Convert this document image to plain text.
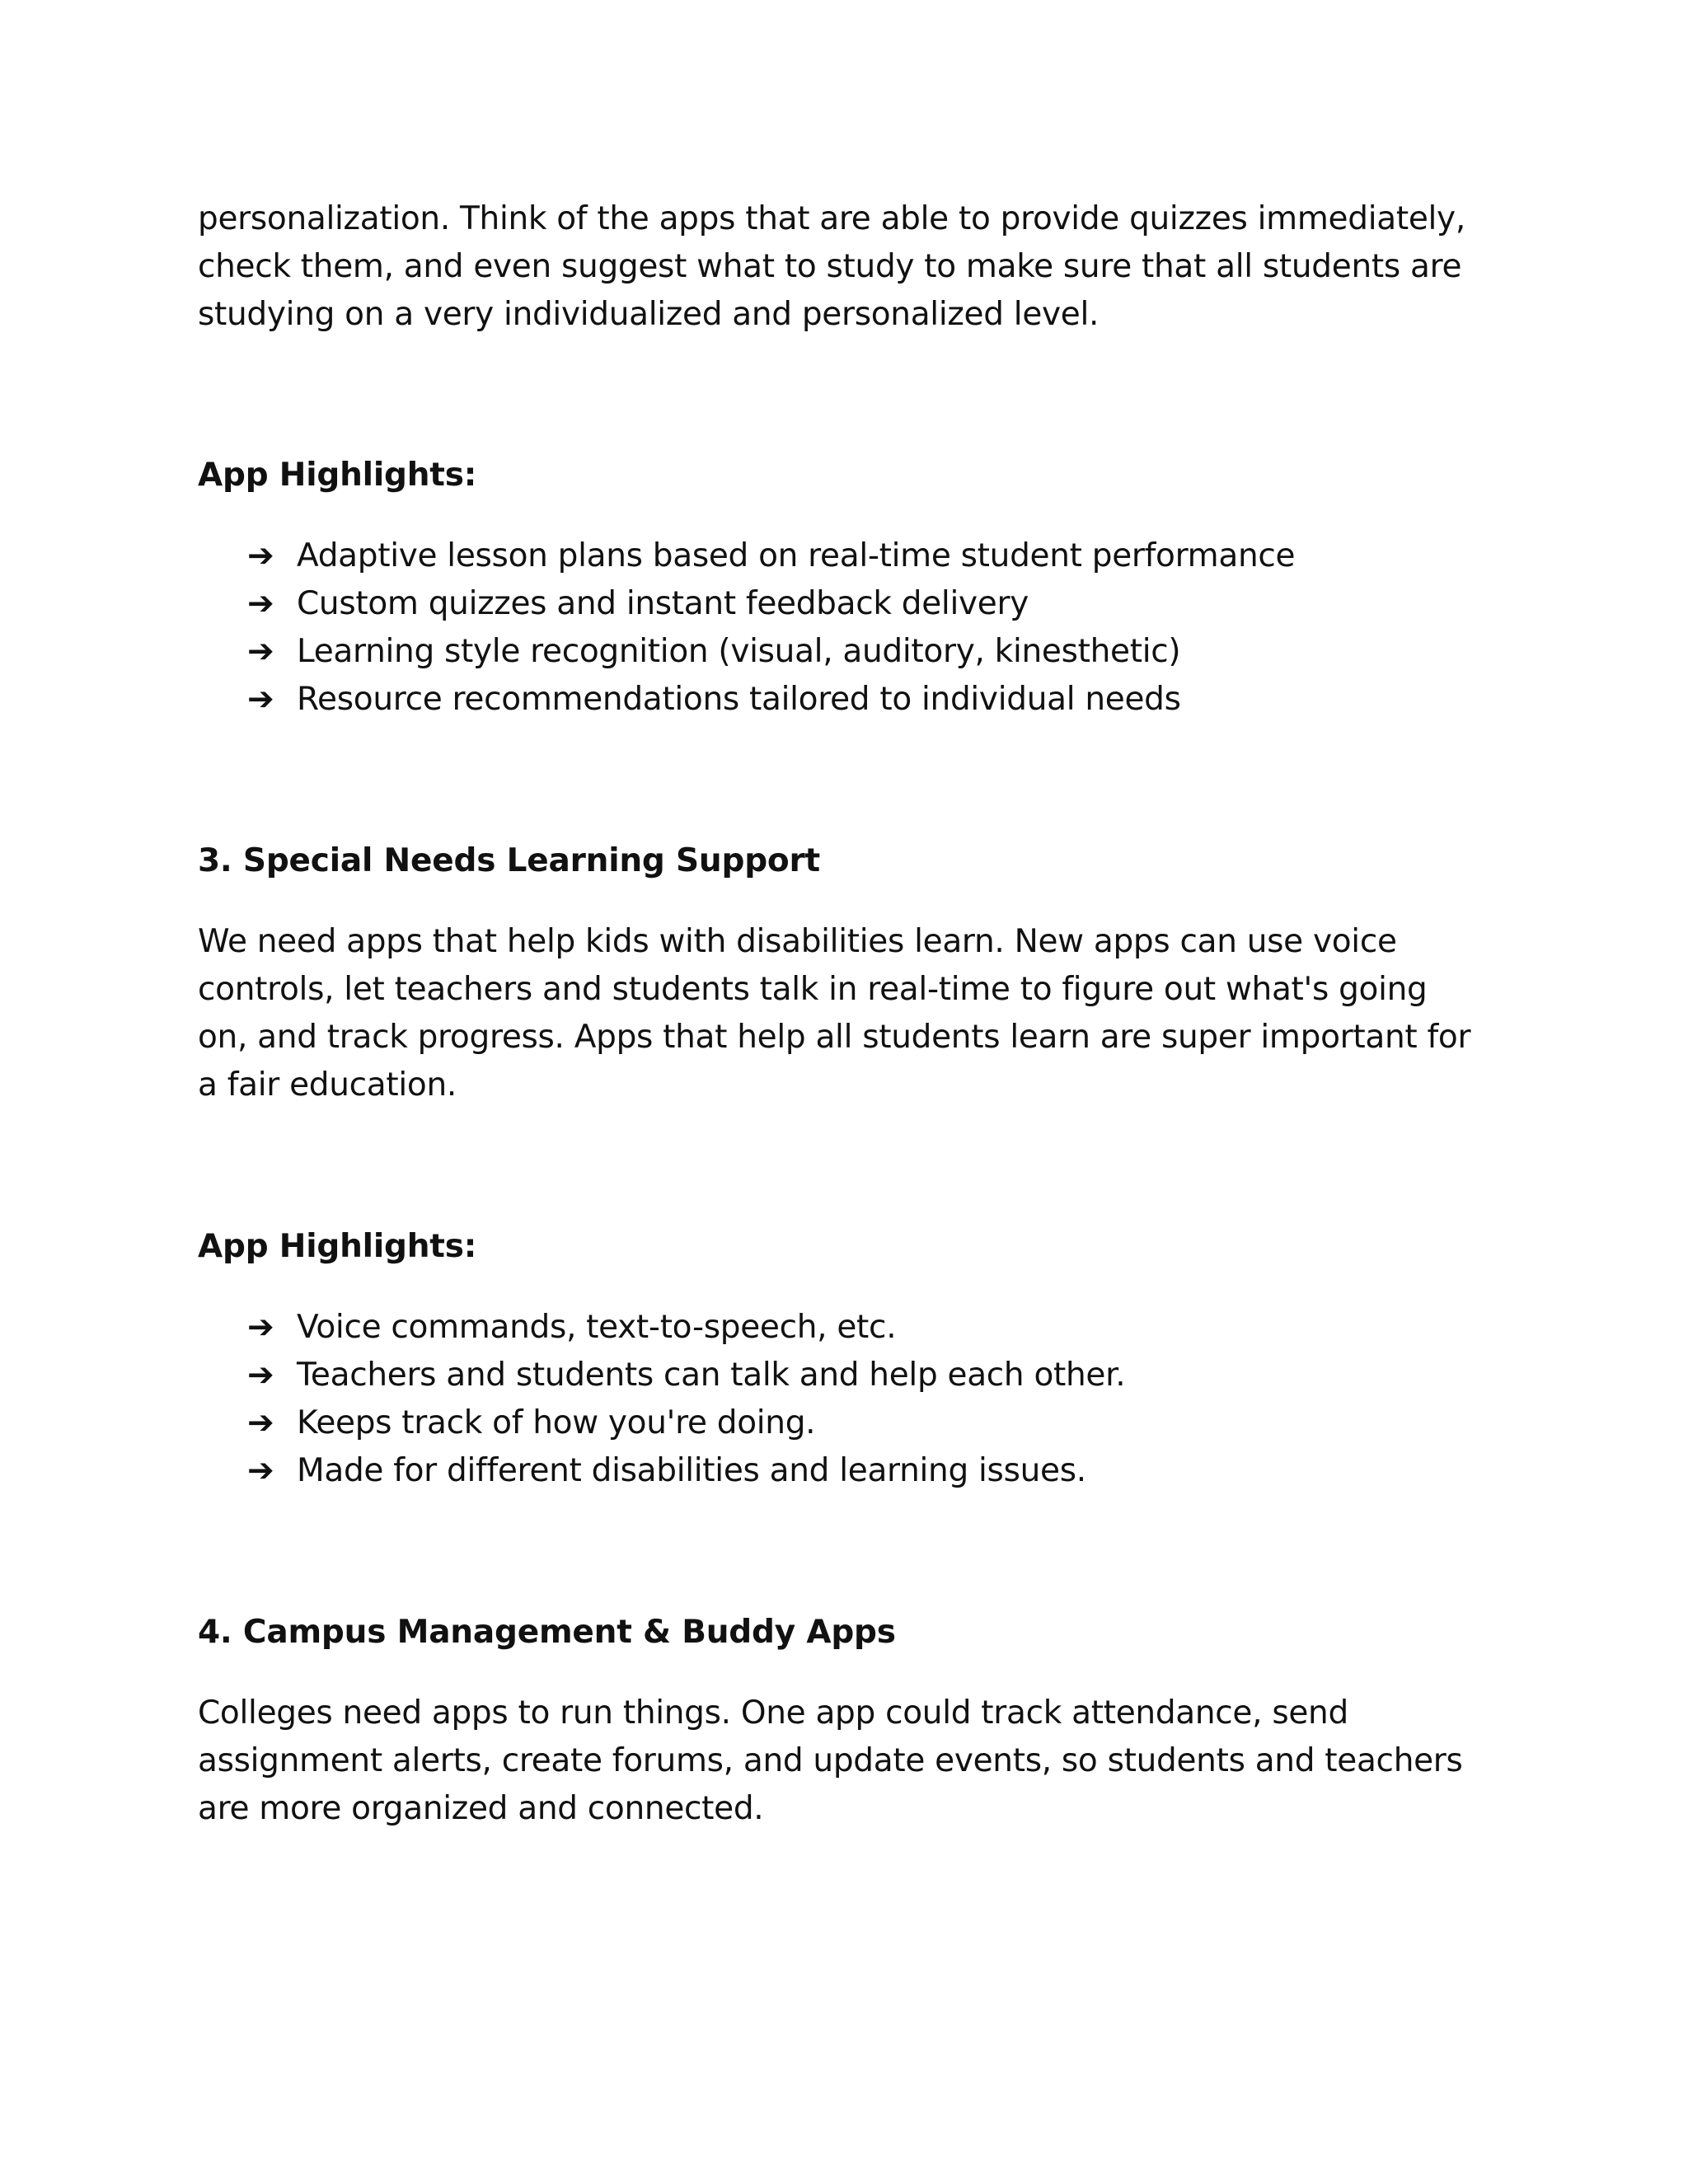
personalization. Think of the apps that are able to provide quizzes immediately,
check them, and even suggest what to study to make sure that all students are
studying on a very individualized and personalized level.
App Highlights:
➔ Adaptive lesson plans based on real-time student performance
➔ Custom quizzes and instant feedback delivery
➔ Learning style recognition (visual, auditory, kinesthetic)
➔ Resource recommendations tailored to individual needs
3. Special Needs Learning Support
We need apps that help kids with disabilities learn. New apps can use voice
controls, let teachers and students talk in real-time to figure out what's going
on, and track progress. Apps that help all students learn are super important for
a fair education.
App Highlights:
➔ Voice commands, text-to-speech, etc.
➔ Teachers and students can talk and help each other.
➔ Keeps track of how you're doing.
➔ Made for different disabilities and learning issues.
4. Campus Management & Buddy Apps
Colleges need apps to run things. One app could track attendance, send
assignment alerts, create forums, and update events, so students and teachers
are more organized and connected.
